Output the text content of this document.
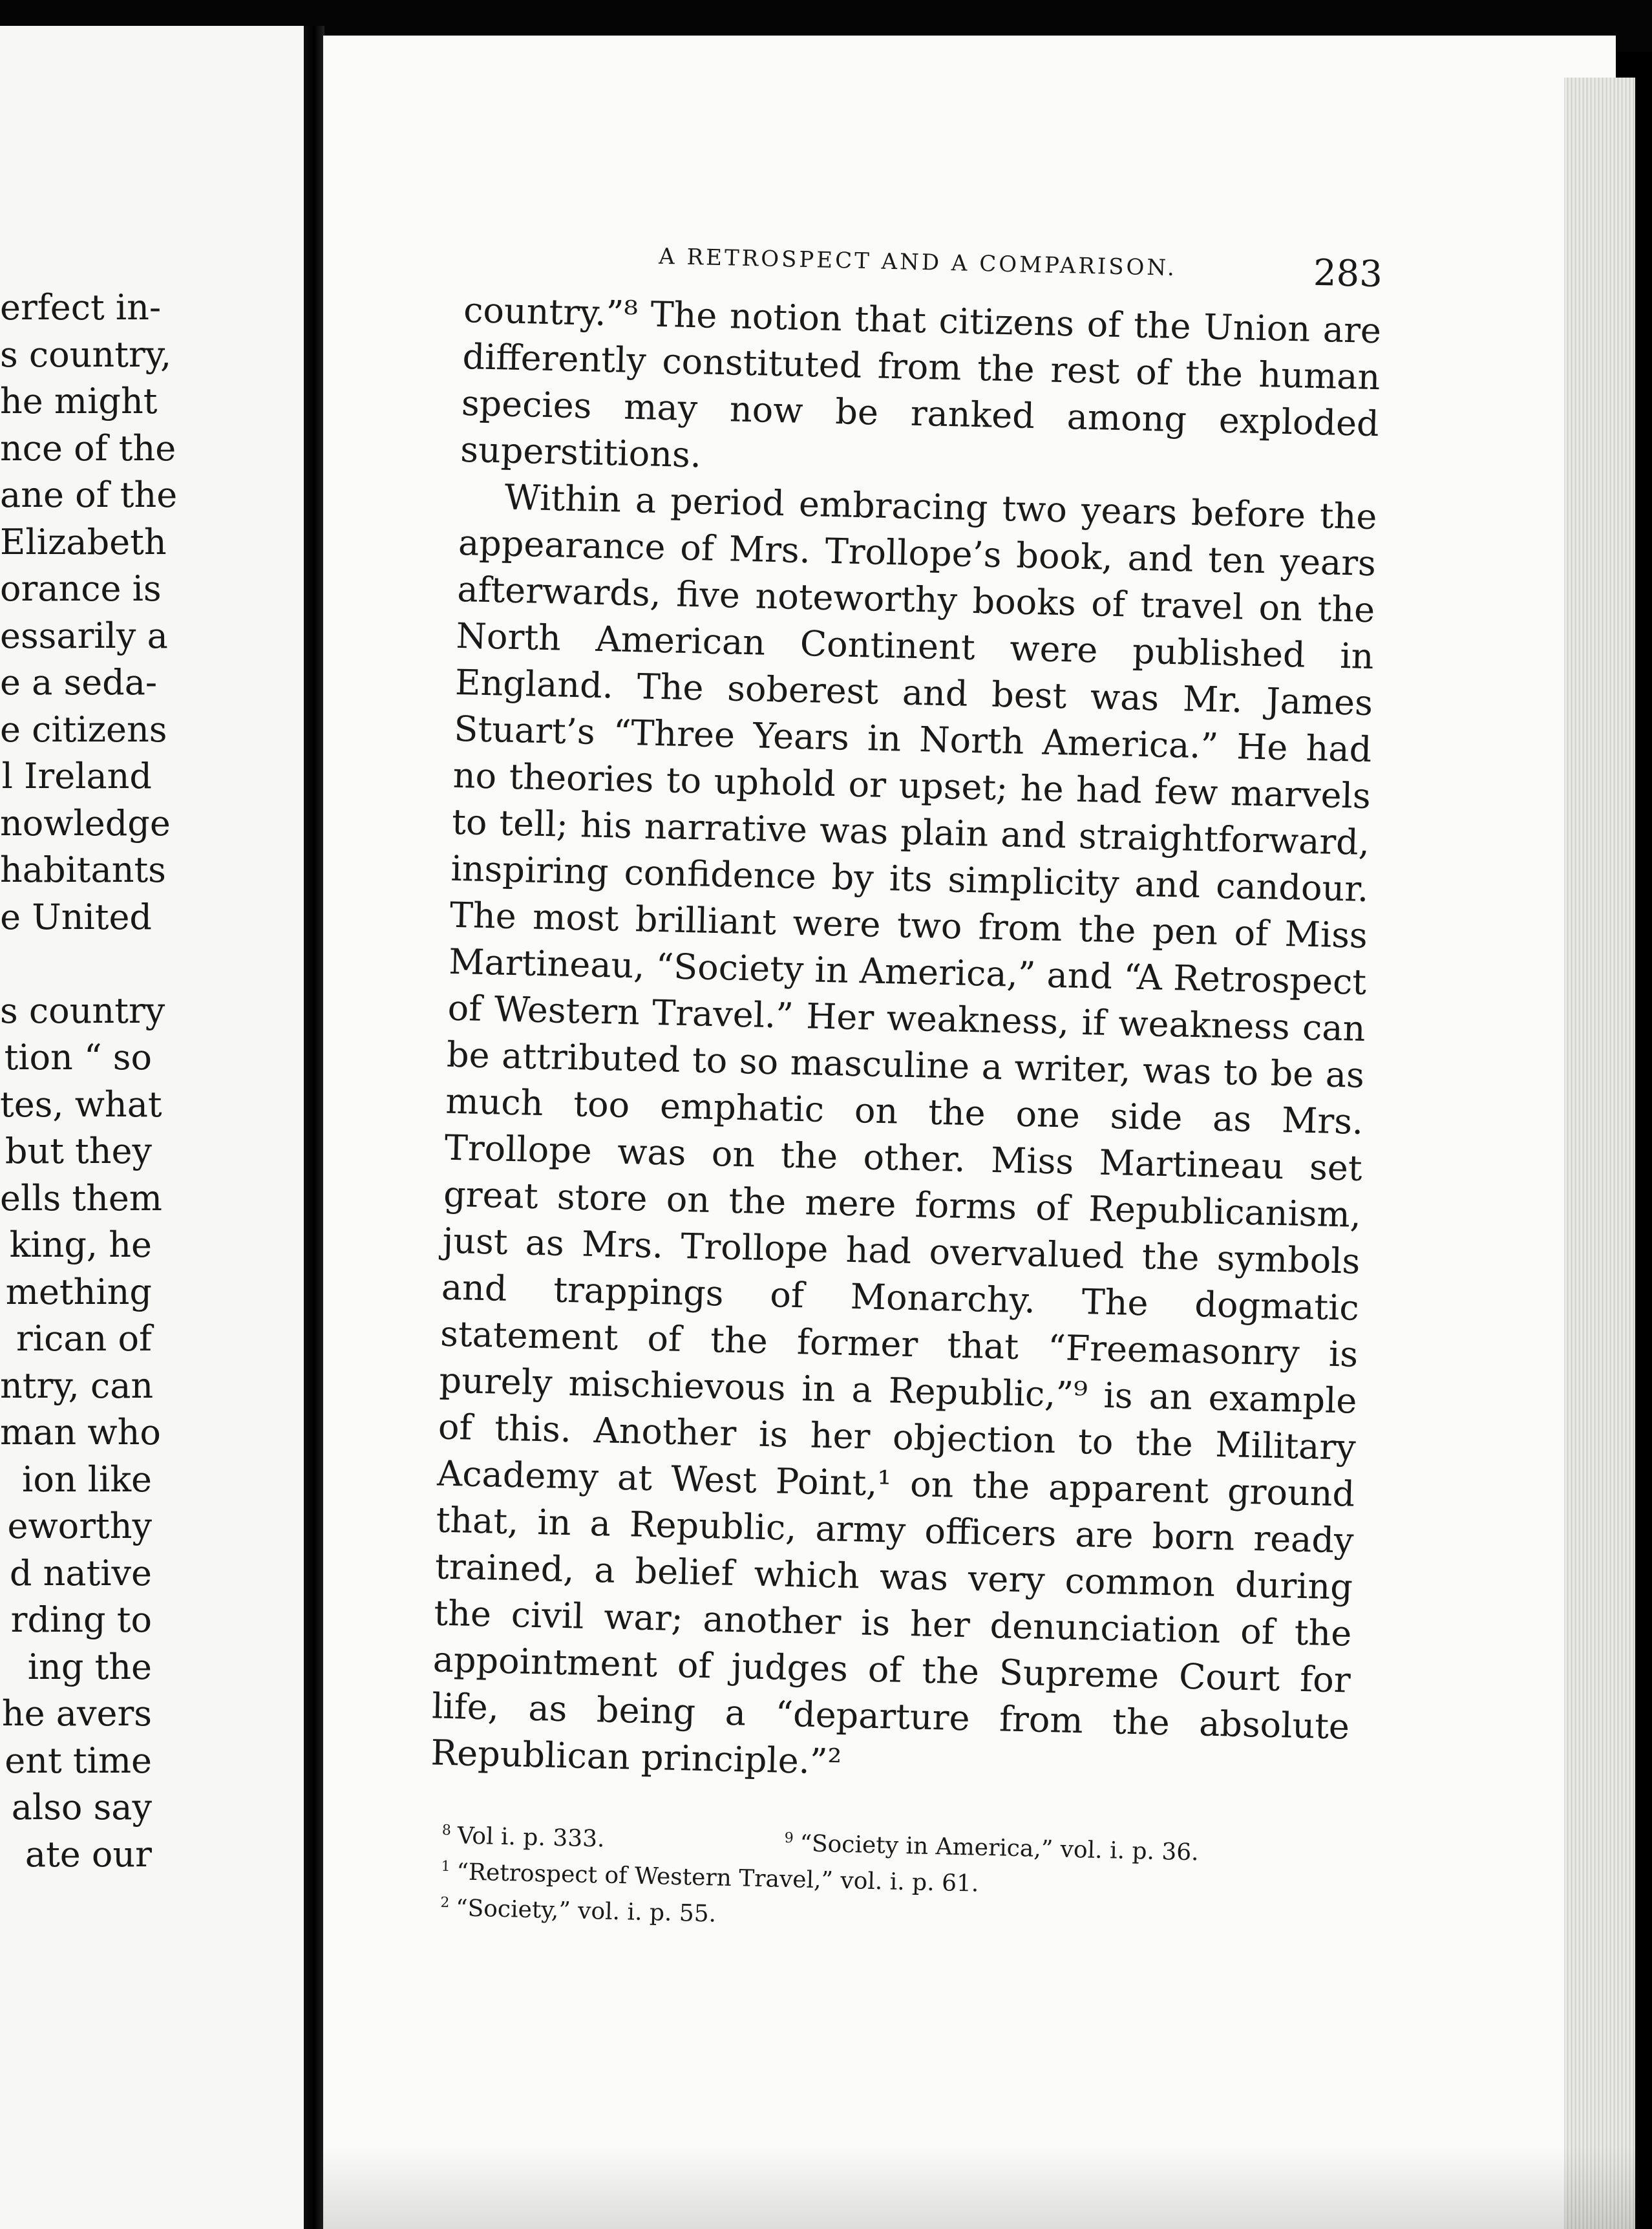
erfect in-
s country,
he might
nce of the
ane of the
Elizabeth
orance is
essarily a
e a seda-
e citizens
l Ireland
nowledge
habitants
e United
s country
tion “ so
tes, what
but they
ells them
king, he
mething
rican of
ntry, can
man who
ion like
eworthy
d native
rding to
ing the
he avers
ent time
also say
ate our
A RETROSPECT AND A COMPARISON.	283

country.”⁸ The notion that citizens of the Union are differently constituted from the rest of the human species may now be ranked among exploded superstitions.

Within a period embracing two years before the appearance of Mrs. Trollope’s book, and ten years afterwards, five noteworthy books of travel on the North American Continent were published in England. The soberest and best was Mr. James Stuart’s “Three Years in North America.” He had no theories to uphold or upset; he had few marvels to tell; his narrative was plain and straightforward, inspiring confidence by its simplicity and candour. The most brilliant were two from the pen of Miss Martineau, “Society in America,” and “A Retrospect of Western Travel.” Her weakness, if weakness can be attributed to so masculine a writer, was to be as much too emphatic on the one side as Mrs. Trollope was on the other. Miss Martineau set great store on the mere forms of Republicanism, just as Mrs. Trollope had overvalued the symbols and trappings of Monarchy. The dogmatic statement of the former that “Freemasonry is purely mischievous in a Republic,”⁹ is an example of this. Another is her objection to the Military Academy at West Point,¹ on the apparent ground that, in a Republic, army officers are born ready trained, a belief which was very common during the civil war; another is her denunciation of the appointment of judges of the Supreme Court for life, as being a “departure from the absolute Republican principle.”²

$^8$ Vol i. p. 333.	$^9$ “Society in America,” vol. i. p. 36.
$^1$ “Retrospect of Western Travel,” vol. i. p. 61.
$^2$ “Society,” vol. i. p. 55.
